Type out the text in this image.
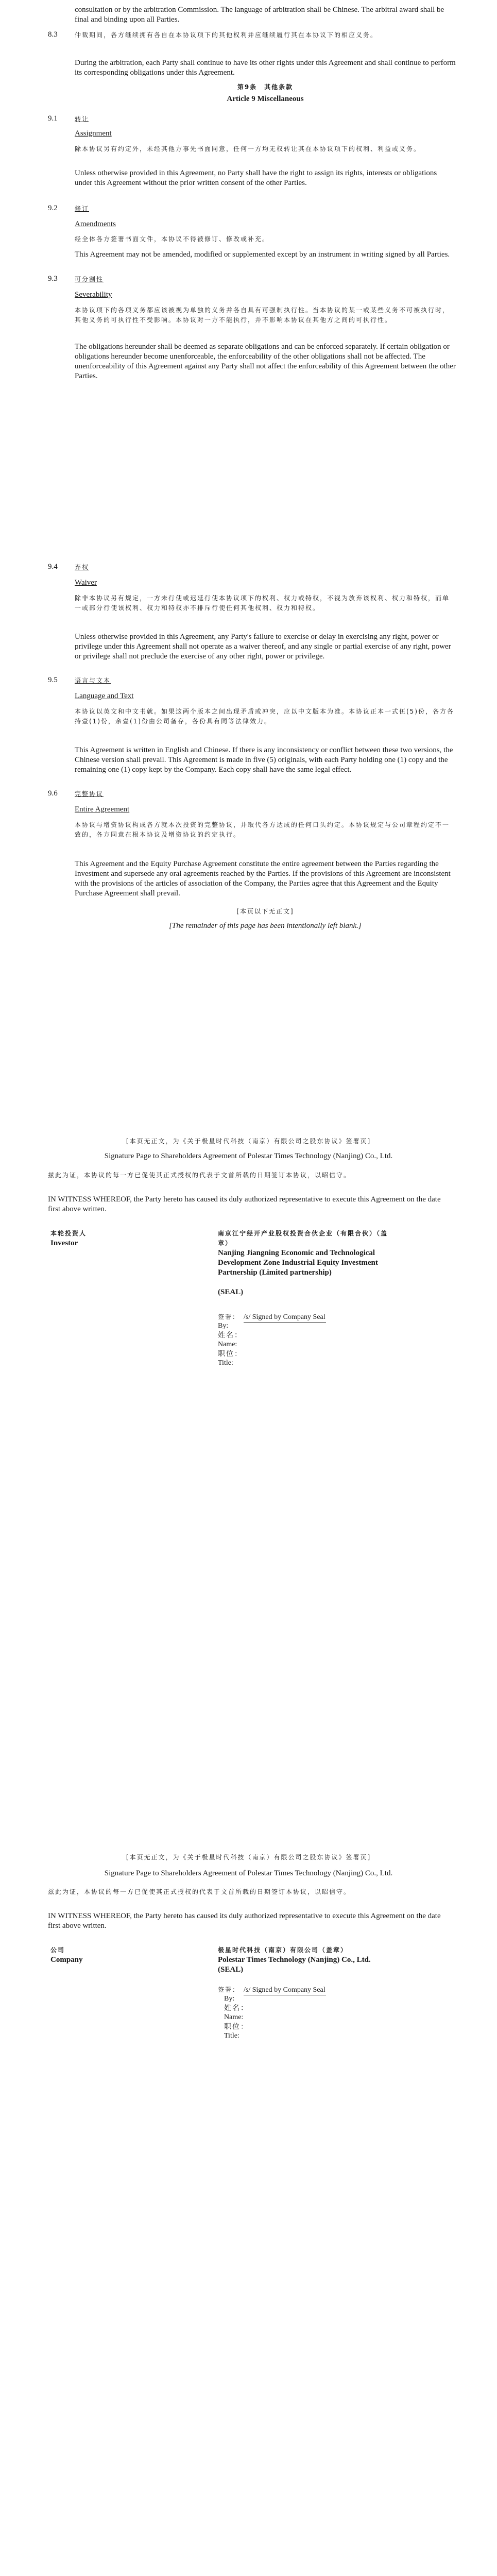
consultation or by the arbitration Commission. The language of arbitration shall be Chinese. The arbitral award shall be final and binding upon all Parties.

8.3	仲裁期间，各方继续拥有各自在本协议项下的其他权利并应继续履行其在本协议下的相应义务。

During the arbitration, each Party shall continue to have its other rights under this Agreement and shall continue to perform its corresponding obligations under this Agreement.

第9条　其他条款

Article 9 Miscellaneous

9.1	转让

Assignment

除本协议另有约定外，未经其他方事先书面同意，任何一方均无权转让其在本协议项下的权利、利益或义务。

Unless otherwise provided in this Agreement, no Party shall have the right to assign its rights, interests or obligations under this Agreement without the prior written consent of the other Parties.

9.2	修订

Amendments

经全体各方签署书面文件，本协议不得被修订、修改或补充。

This Agreement may not be amended, modified or supplemented except by an instrument in writing signed by all Parties.

9.3	可分割性

Severability

本协议项下的各项义务都应该被视为单独的义务并各自具有可强制执行性。当本协议的某一或某些义务不可被执行时，其他义务的可执行性不受影响。本协议对一方不能执行，并不影响本协议在其他方之间的可执行性。

The obligations hereunder shall be deemed as separate obligations and can be enforced separately. If certain obligation or obligations hereunder become unenforceable, the enforceability of the other obligations shall not be affected. The unenforceability of this Agreement against any Party shall not affect the enforceability of this Agreement between the other Parties.

9.4	弃权

Waiver

除非本协议另有规定，一方未行使或迟延行使本协议项下的权利、权力或特权，不视为放弃该权利、权力和特权，而单一或部分行使该权利、权力和特权亦不排斥行使任何其他权利、权力和特权。

Unless otherwise provided in this Agreement, any Party's failure to exercise or delay in exercising any right, power or privilege under this Agreement shall not operate as a waiver thereof, and any single or partial exercise of any right, power or privilege shall not preclude the exercise of any other right, power or privilege.

9.5	语言与文本

Language and Text

本协议以英文和中文书就。如果这两个版本之间出现矛盾或冲突，应以中文版本为准。本协议正本一式伍(5)份，各方各持壹(1)份，余壹(1)份由公司备存，各份具有同等法律效力。

This Agreement is written in English and Chinese. If there is any inconsistency or conflict between these two versions, the Chinese version shall prevail. This Agreement is made in five (5) originals, with each Party holding one (1) copy and the remaining one (1) copy kept by the Company. Each copy shall have the same legal effect.

9.6	完整协议

Entire Agreement

本协议与增资协议构成各方就本次投资的完整协议，并取代各方达成的任何口头约定。本协议规定与公司章程约定不一致的，各方同意在根本协议及增资协议的约定执行。

This Agreement and the Equity Purchase Agreement constitute the entire agreement between the Parties regarding the Investment and supersede any oral agreements reached by the Parties. If the provisions of this Agreement are inconsistent with the provisions of the articles of association of the Company, the Parties agree that this Agreement and the Equity Purchase Agreement shall prevail.

[本页以下无正文]

[The remainder of this page has been intentionally left blank.]

[本页无正文，为《关于极星时代科技（南京）有限公司之股东协议》签署页]

Signature Page to Shareholders Agreement of Polestar Times Technology (Nanjing) Co., Ltd.

兹此为证，本协议的每一方已促使其正式授权的代表于文首所载的日期签订本协议，以昭信守。

IN WITNESS WHEREOF, the Party hereto has caused its duly authorized representative to execute this Agreement on the date first above written.

本轮投资人

Investor

南京江宁经开产业股权投资合伙企业（有限合伙）（盖章）

Nanjing Jiangning Economic and Technological Development Zone Industrial Equity Investment Partnership (Limited partnership)

(SEAL)

签署： /s/ Signed by Company Seal
By:
姓名：
Name:
职位：
Title:

[本页无正文，为《关于极星时代科技（南京）有限公司之股东协议》签署页]

Signature Page to Shareholders Agreement of Polestar Times Technology (Nanjing) Co., Ltd.

兹此为证，本协议的每一方已促使其正式授权的代表于文首所载的日期签订本协议，以昭信守。

IN WITNESS WHEREOF, the Party hereto has caused its duly authorized representative to execute this Agreement on the date first above written.

公司

Company

极星时代科技（南京）有限公司（盖章）

Polestar Times Technology (Nanjing) Co., Ltd.(SEAL)

签署： /s/ Signed by Company Seal
By:
姓名：
Name:
职位：
Title:
